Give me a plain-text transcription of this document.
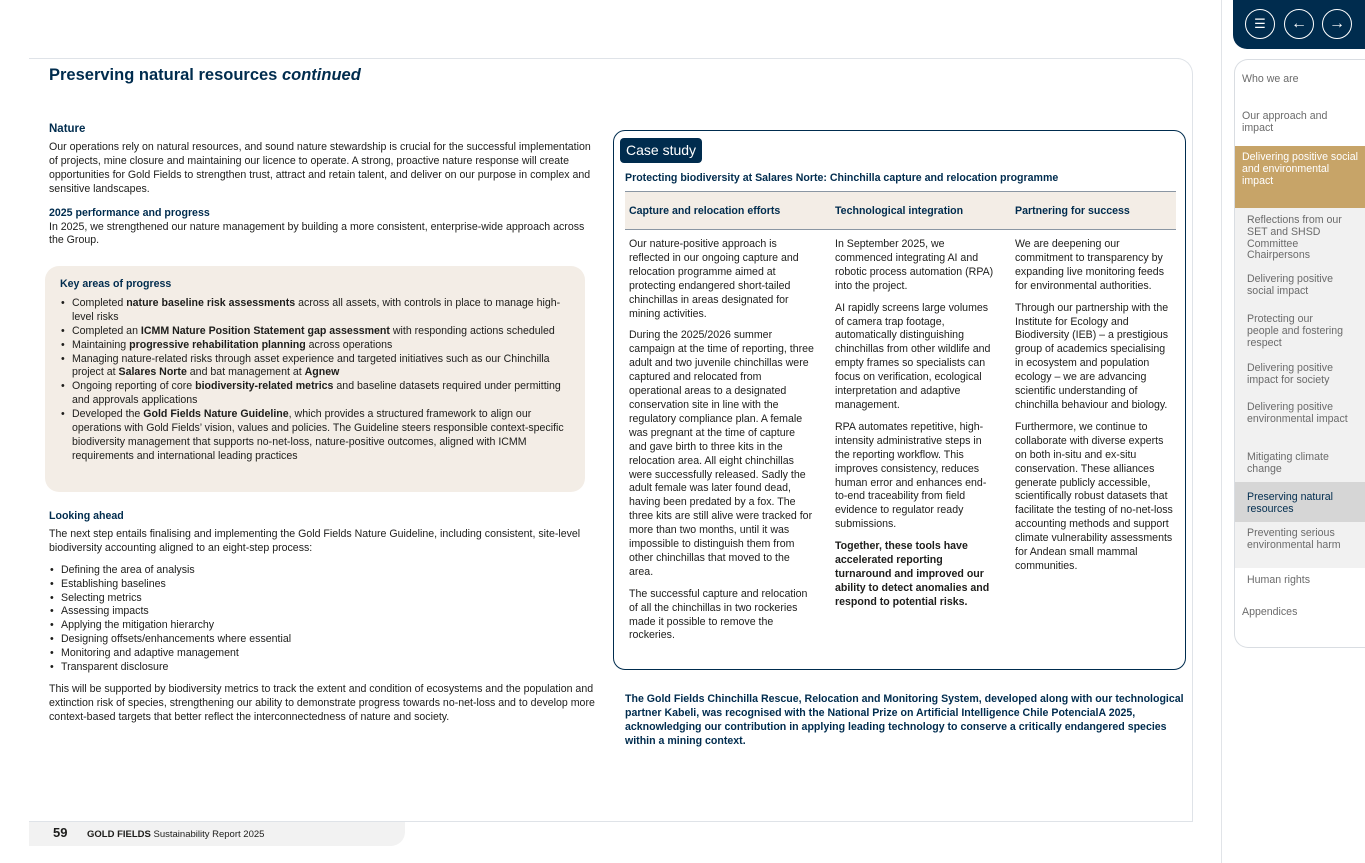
Preserving natural resources continued
Nature

Our operations rely on natural resources, and sound nature stewardship is crucial for the successful implementation of projects, mine closure and maintaining our licence to operate. A strong, proactive nature response will create opportunities for Gold Fields to strengthen trust, attract and retain talent, and deliver on our purpose in complex and sensitive landscapes.

2025 performance and progress

In 2025, we strengthened our nature management by building a more consistent, enterprise-wide approach across the Group.

Key areas of progress
• Completed nature baseline risk assessments across all assets, with controls in place to manage high-level risks
• Completed an ICMM Nature Position Statement gap assessment with responding actions scheduled
• Maintaining progressive rehabilitation planning across operations
• Managing nature-related risks through asset experience and targeted initiatives such as our Chinchilla project at Salares Norte and bat management at Agnew
• Ongoing reporting of core biodiversity-related metrics and baseline datasets required under permitting and approvals applications
• Developed the Gold Fields Nature Guideline, which provides a structured framework to align our operations with Gold Fields’ vision, values and policies. The Guideline steers responsible context-specific biodiversity management that supports no-net-loss, nature-positive outcomes, aligned with ICMM requirements and international leading practices
Looking ahead

The next step entails finalising and implementing the Gold Fields Nature Guideline, including consistent, site-level biodiversity accounting aligned to an eight-step process:

• Defining the area of analysis
• Establishing baselines
• Selecting metrics
• Assessing impacts
• Applying the mitigation hierarchy
• Designing offsets/enhancements where essential
• Monitoring and adaptive management
• Transparent disclosure

This will be supported by biodiversity metrics to track the extent and condition of ecosystems and the population and extinction risk of species, strengthening our ability to demonstrate progress towards no-net-loss and to develop more context-based targets that better reflect the interconnectedness of nature and society.

Case study
Protecting biodiversity at Salares Norte: Chinchilla capture and relocation programme
Capture and relocation efforts	Technological integration	Partnering for success

Our nature-positive approach is reflected in our ongoing capture and relocation programme aimed at protecting endangered short-tailed chinchillas in areas designated for mining activities.

During the 2025/2026 summer campaign at the time of reporting, three adult and two juvenile chinchillas were captured and relocated from operational areas to a designated conservation site in line with the regulatory compliance plan. A female was pregnant at the time of capture and gave birth to three kits in the relocation area. All eight chinchillas were successfully released. Sadly the adult female was later found dead, having been predated by a fox. The three kits are still alive were tracked for more than two months, until it was impossible to distinguish them from other chinchillas that moved to the area.

The successful capture and relocation of all the chinchillas in two rockeries made it possible to remove the rockeries.

In September 2025, we commenced integrating AI and robotic process automation (RPA) into the project.

AI rapidly screens large volumes of camera trap footage, automatically distinguishing chinchillas from other wildlife and empty frames so specialists can focus on verification, ecological interpretation and adaptive management.

RPA automates repetitive, high-intensity administrative steps in the reporting workflow. This improves consistency, reduces human error and enhances end-to-end traceability from field evidence to regulator ready submissions.

Together, these tools have accelerated reporting turnaround and improved our ability to detect anomalies and respond to potential risks.

We are deepening our commitment to transparency by expanding live monitoring feeds for environmental authorities.

Through our partnership with the Institute for Ecology and Biodiversity (IEB) – a prestigious group of academics specialising in ecosystem and population ecology – we are advancing scientific understanding of chinchilla behaviour and biology.

Furthermore, we continue to collaborate with diverse experts on both in-situ and ex-situ conservation. These alliances generate publicly accessible, scientifically robust datasets that facilitate the testing of no-net-loss accounting methods and support climate vulnerability assessments for Andean small mammal communities.

The Gold Fields Chinchilla Rescue, Relocation and Monitoring System, developed along with our technological partner Kabeli, was recognised with the National Prize on Artificial Intelligence Chile PotencialA 2025, acknowledging our contribution in applying leading technology to conserve a critically endangered species within a mining context.
59 GOLD FIELDS Sustainability Report 2025
☰ ← →
Who we are
Our approach and impact
Delivering positive social and environmental impact
Reflections from our SET and SHSD Committee Chairpersons
Delivering positive social impact
Protecting our people and fostering respect
Delivering positive impact for society
Delivering positive environmental impact
Mitigating climate change
Preserving natural resources
Preventing serious environmental harm
Human rights
Appendices
